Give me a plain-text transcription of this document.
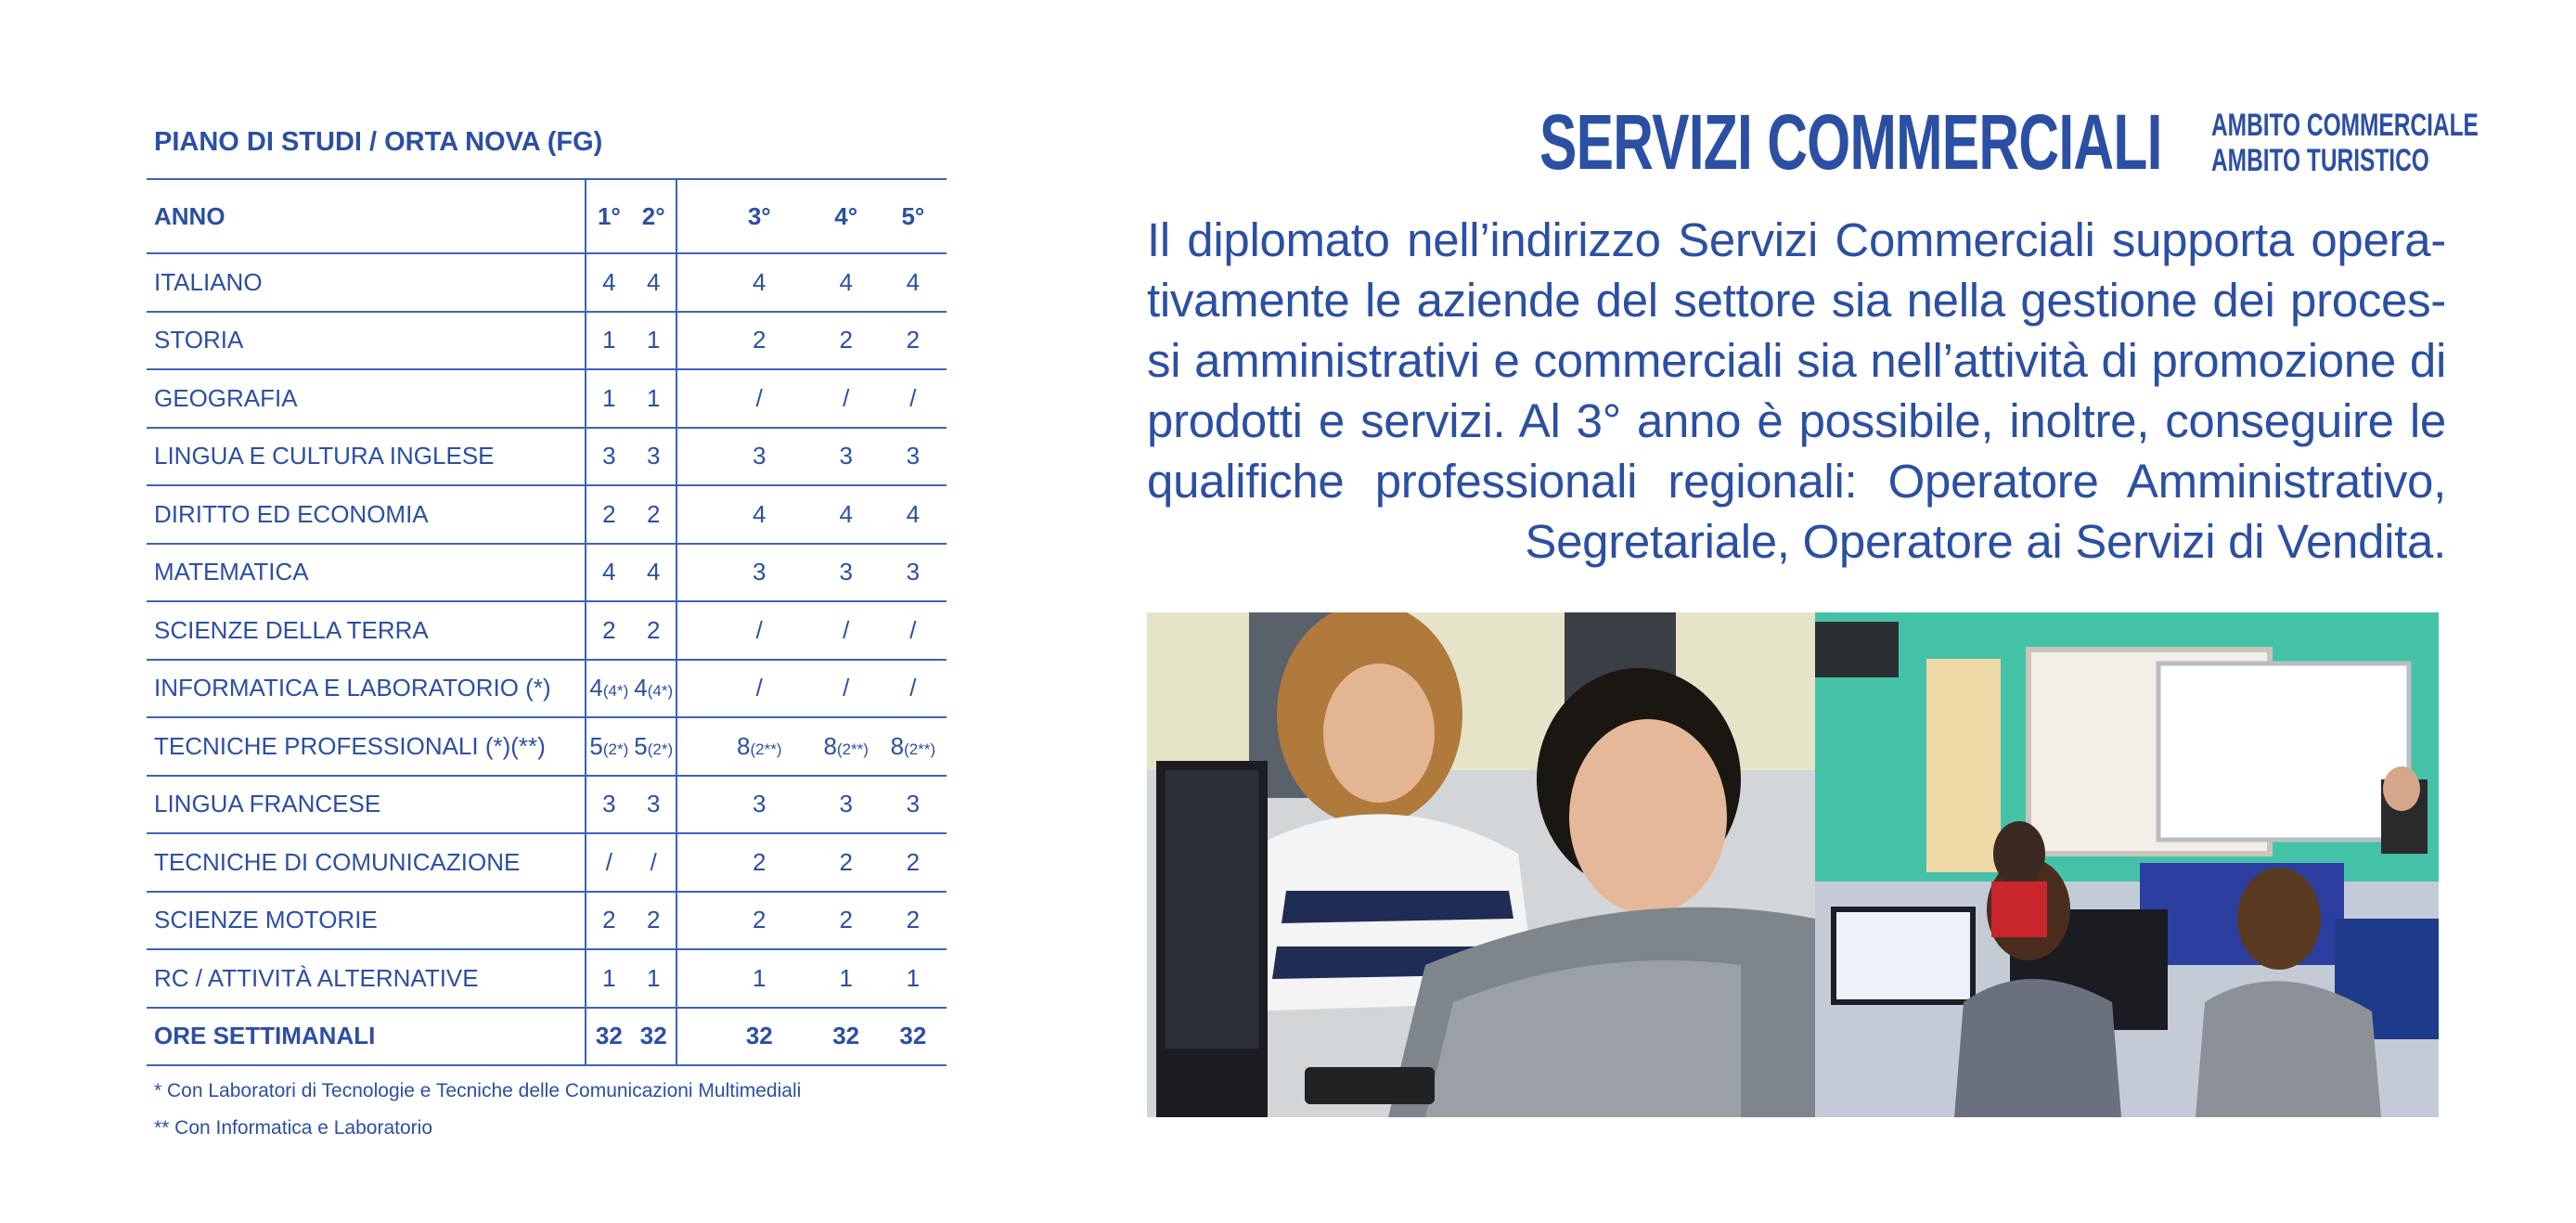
PIANO DI STUDI / ORTA NOVA (FG)
ANNO	1°	2°		3°	4°	5°
ITALIANO	4	4		4	4	4
STORIA	1	1		2	2	2
GEOGRAFIA	1	1		/	/	/
LINGUA E CULTURA INGLESE	3	3		3	3	3
DIRITTO ED ECONOMIA	2	2		4	4	4
MATEMATICA	4	4		3	3	3
SCIENZE DELLA TERRA	2	2		/	/	/
INFORMATICA E LABORATORIO (*)	4(4*)	4(4*)		/	/	/
TECNICHE PROFESSIONALI (*)(**)	5(2*)	5(2*)		8(2**)	8(2**)	8(2**)
LINGUA FRANCESE	3	3		3	3	3
TECNICHE DI COMUNICAZIONE	/	/		2	2	2
SCIENZE MOTORIE	2	2		2	2	2
RC / ATTIVITÀ ALTERNATIVE	1	1		1	1	1
ORE SETTIMANALI	32	32		32	32	32
* Con Laboratori di Tecnologie e Tecniche delle Comunicazioni Multimediali
** Con Informatica e Laboratorio
SERVIZI COMMERCIALI AMBITO COMMERCIALE
AMBITO TURISTICO
Il diplomato nell’indirizzo Servizi Commerciali supporta opera-tivamente le aziende del settore sia nella gestione dei proces-si amministrativi e commerciali sia nell’attività di promozione di prodotti e servizi. Al 3° anno è possibile, inoltre, conseguire le qualifiche professionali regionali: Operatore Amministrativo, Segretariale, Operatore ai Servizi di Vendita.
